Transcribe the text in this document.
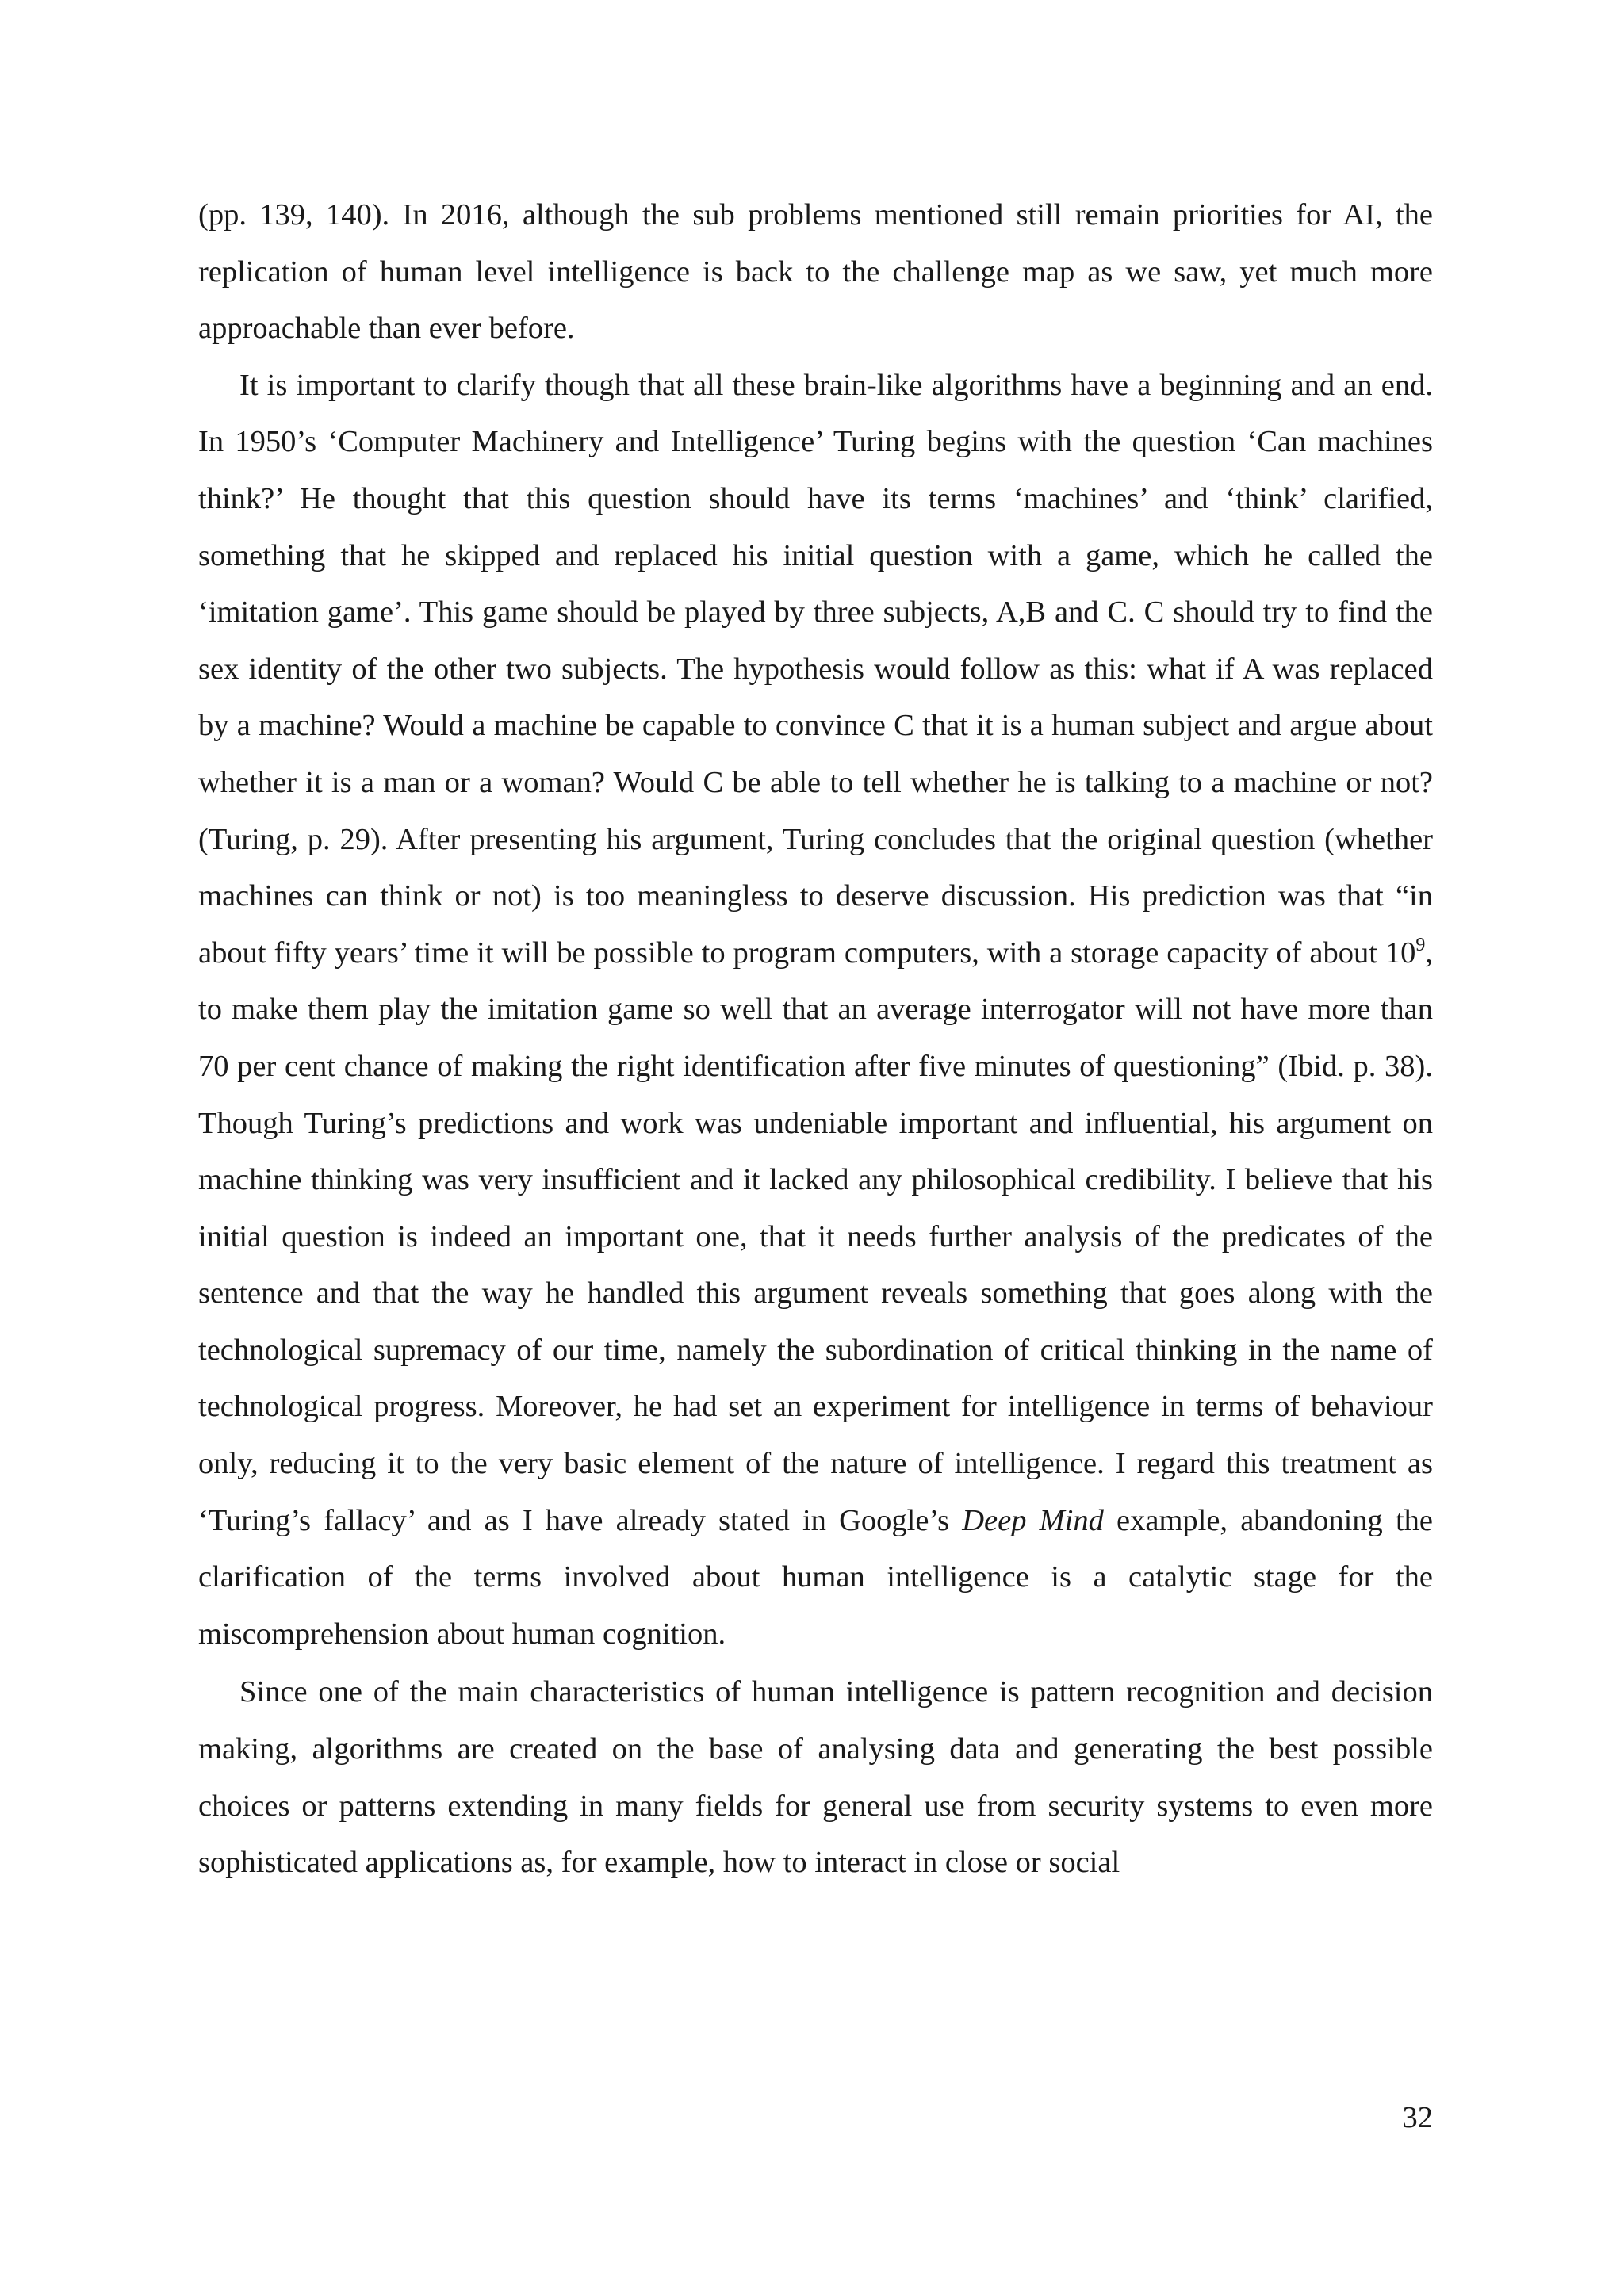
(pp. 139, 140). In 2016, although the sub problems mentioned still remain priorities for AI, the replication of human level intelligence is back to the challenge map as we saw, yet much more approachable than ever before.

It is important to clarify though that all these brain-like algorithms have a beginning and an end. In 1950’s ‘Computer Machinery and Intelligence’ Turing begins with the question ‘Can machines think?’ He thought that this question should have its terms ‘machines’ and ‘think’ clarified, something that he skipped and replaced his initial question with a game, which he called the ‘imitation game’. This game should be played by three subjects, A,B and C. C should try to find the sex identity of the other two subjects. The hypothesis would follow as this: what if A was replaced by a machine? Would a machine be capable to convince C that it is a human subject and argue about whether it is a man or a woman? Would C be able to tell whether he is talking to a machine or not? (Turing, p. 29). After presenting his argument, Turing concludes that the original question (whether machines can think or not) is too meaningless to deserve discussion. His prediction was that “in about fifty years’ time it will be possible to program computers, with a storage capacity of about $10^9$, to make them play the imitation game so well that an average interrogator will not have more than 70 per cent chance of making the right identification after five minutes of questioning” (Ibid. p. 38). Though Turing’s predictions and work was undeniable important and influential, his argument on machine thinking was very insufficient and it lacked any philosophical credibility. I believe that his initial question is indeed an important one, that it needs further analysis of the predicates of the sentence and that the way he handled this argument reveals something that goes along with the technological supremacy of our time, namely the subordination of critical thinking in the name of technological progress. Moreover, he had set an experiment for intelligence in terms of behaviour only, reducing it to the very basic element of the nature of intelligence. I regard this treatment as ‘Turing’s fallacy’ and as I have already stated in Google’s Deep Mind example, abandoning the clarification of the terms involved about human intelligence is a catalytic stage for the miscomprehension about human cognition.

Since one of the main characteristics of human intelligence is pattern recognition and decision making, algorithms are created on the base of analysing data and generating the best possible choices or patterns extending in many fields for general use from security systems to even more sophisticated applications as, for example, how to interact in close or social

32
